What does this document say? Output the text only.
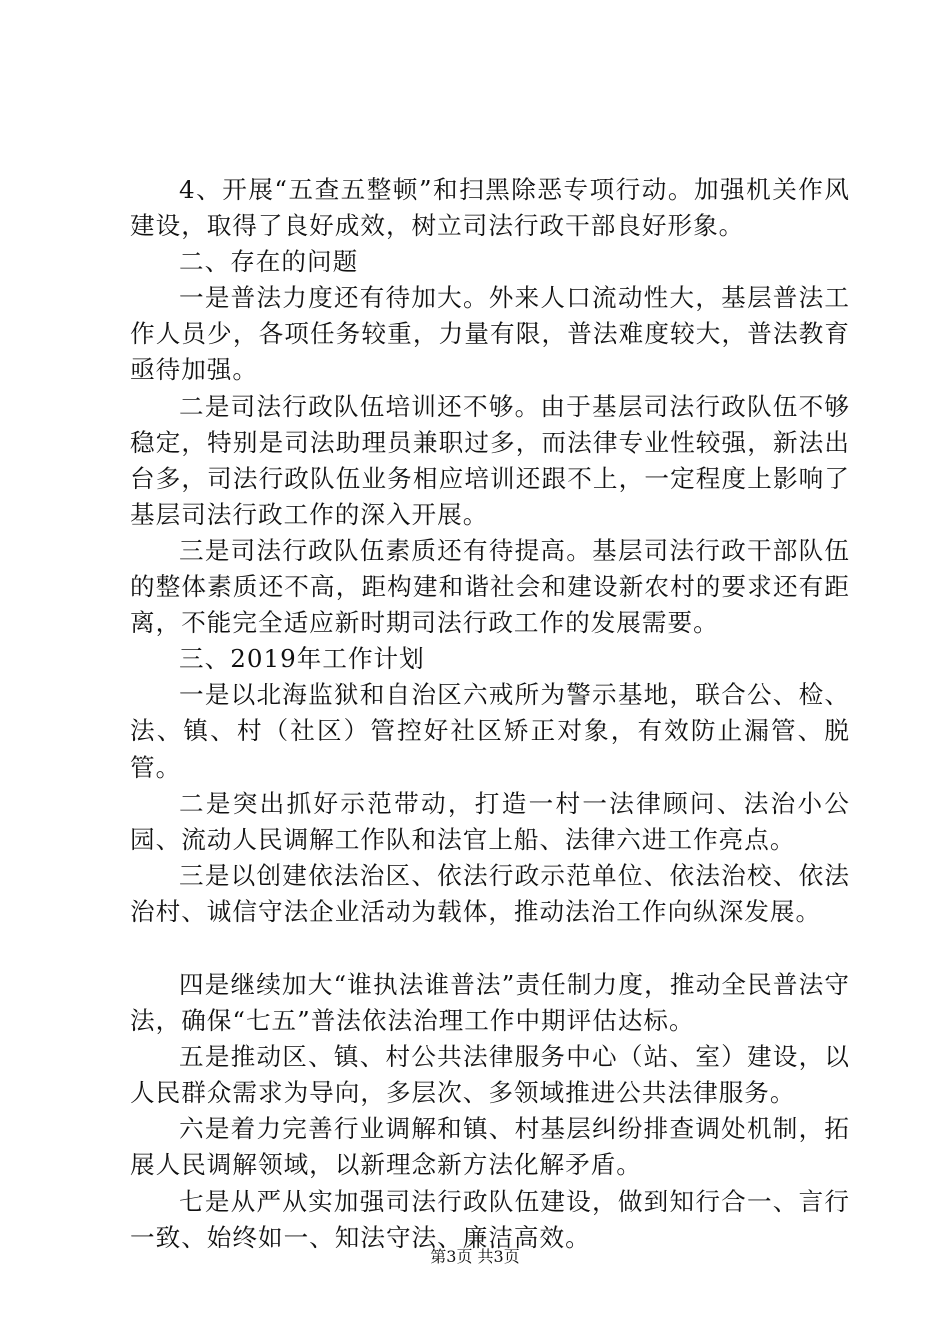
4、开展“五查五整顿”和扫黑除恶专项行动。加强机关作风建设，取得了良好成效，树立司法行政干部良好形象。

二、存在的问题

一是普法力度还有待加大。外来人口流动性大，基层普法工作人员少，各项任务较重，力量有限，普法难度较大，普法教育亟待加强。

二是司法行政队伍培训还不够。由于基层司法行政队伍不够稳定，特别是司法助理员兼职过多，而法律专业性较强，新法出台多，司法行政队伍业务相应培训还跟不上，一定程度上影响了基层司法行政工作的深入开展。

三是司法行政队伍素质还有待提高。基层司法行政干部队伍的整体素质还不高，距构建和谐社会和建设新农村的要求还有距离，不能完全适应新时期司法行政工作的发展需要。

三、2019年工作计划

一是以北海监狱和自治区六戒所为警示基地，联合公、检、法、镇、村（社区）管控好社区矫正对象，有效防止漏管、脱管。

二是突出抓好示范带动，打造一村一法律顾问、法治小公园、流动人民调解工作队和法官上船、法律六进工作亮点。

三是以创建依法治区、依法行政示范单位、依法治校、依法治村、诚信守法企业活动为载体，推动法治工作向纵深发展。

四是继续加大“谁执法谁普法”责任制力度，推动全民普法守法，确保“七五”普法依法治理工作中期评估达标。

五是推动区、镇、村公共法律服务中心（站、室）建设，以人民群众需求为导向，多层次、多领域推进公共法律服务。

六是着力完善行业调解和镇、村基层纠纷排查调处机制，拓展人民调解领域，以新理念新方法化解矛盾。

七是从严从实加强司法行政队伍建设，做到知行合一、言行一致、始终如一、知法守法、廉洁高效。

第3页 共3页
